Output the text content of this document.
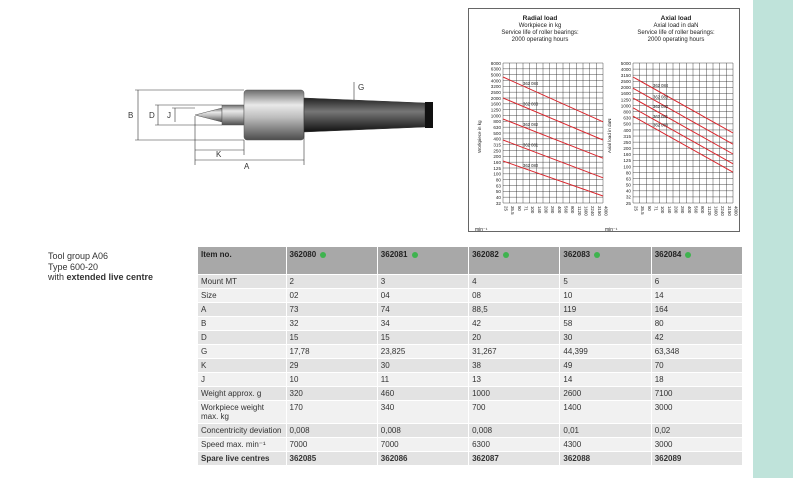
B D J
K
A
G
Radial load
Workpiece in kg
Service life of roller bearings:
2000 operating hours
Axial load
Axial load in daN
Service life of roller bearings:
2000 operating hours
8000
6300
5000
4000
3200
2500
2000
1600
1250
1000
800
630
500
400
315
250
200
160
125
100
80
63
50
40
32
25 35.5 50 71 100 140 200 280 400 560 800 1120 1600 2240 3150 4000
Workpiece in kg
min⁻¹
362 084
362 083
362 082
362 081
362 080
5000
4000
3150
2500
2000
1600
1250
1000
800
630
500
400
315
250
200
160
125
100
80
63
50
40
32
25
25 35.5 50 71 100 140 200 280 400 560 800 1120 1600 2240 3150 4000
Axial load in daN
min⁻¹
362 084
362 083
362 082
362 081
362 080
Tool group A06
Type 600-20
with extended live centre
Item no.	362080	362081	362082	362083	362084
Mount MT	2	3	4	5	6
Size	02	04	08	10	14
A	73	74	88,5	119	164
B	32	34	42	58	80
D	15	15	20	30	42
G	17,78	23,825	31,267	44,399	63,348
K	29	30	38	49	70
J	10	11	13	14	18
Weight approx. g	320	460	1000	2600	7100
Workpiece weight max. kg	170	340	700	1400	3000
Concentricity deviation	0,008	0,008	0,008	0,01	0,02
Speed max. min⁻¹	7000	7000	6300	4300	3000
Spare live centres	362085	362086	362087	362088	362089
